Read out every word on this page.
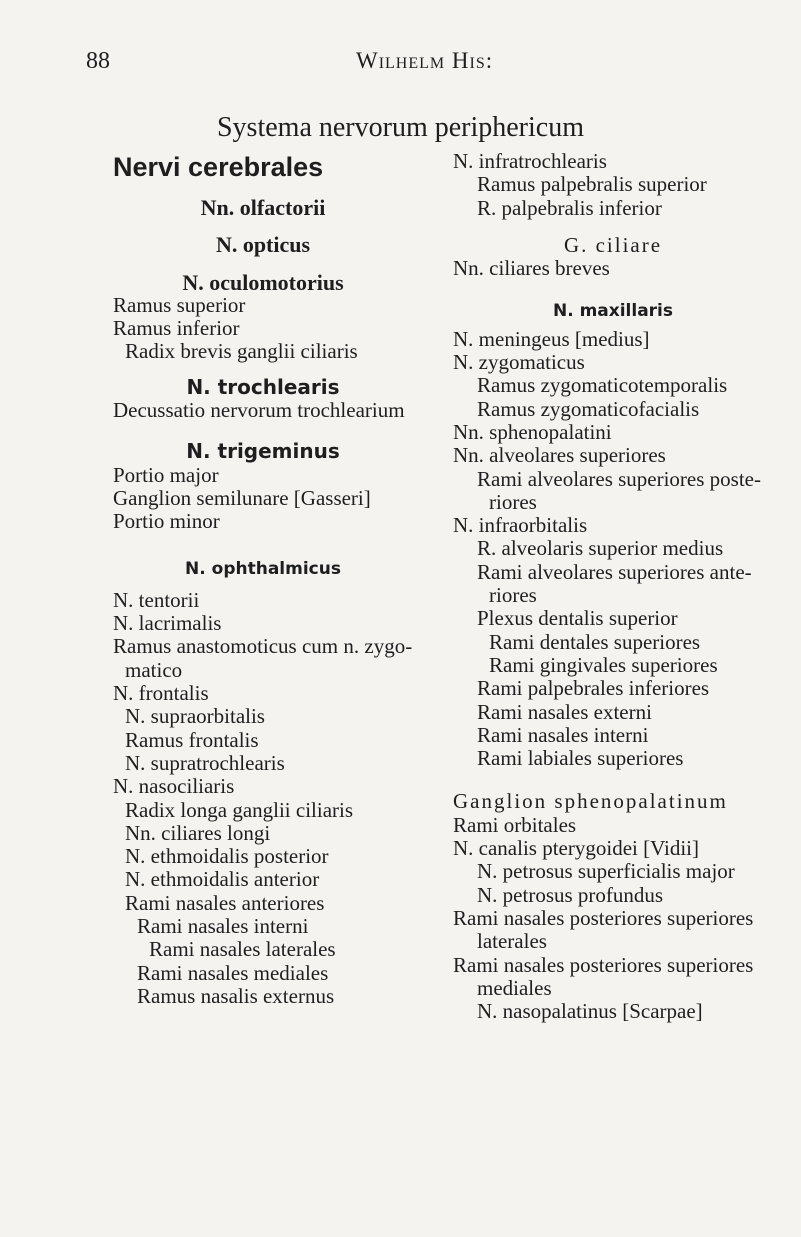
88	Wilhelm His:
Systema nervorum periphericum
Nervi cerebrales
Nn. olfactorii
N. opticus
N. oculomotorius
Ramus superior
Ramus inferior
Radix brevis ganglii ciliaris
N. trochlearis
Decussatio nervorum trochlearium
N. trigeminus
Portio major
Ganglion semilunare [Gasseri]
Portio minor
N. ophthalmicus
N. tentorii
N. lacrimalis
Ramus anastomoticus cum n. zygo-
matico
N. frontalis
N. supraorbitalis
Ramus frontalis
N. supratrochlearis
N. nasociliaris
Radix longa ganglii ciliaris
Nn. ciliares longi
N. ethmoidalis posterior
N. ethmoidalis anterior
Rami nasales anteriores
Rami nasales interni
Rami nasales laterales
Rami nasales mediales
Ramus nasalis externus
N. infratrochlearis
Ramus palpebralis superior
R. palpebralis inferior
G. ciliare
Nn. ciliares breves
N. maxillaris
N. meningeus [medius]
N. zygomaticus
Ramus zygomaticotemporalis
Ramus zygomaticofacialis
Nn. sphenopalatini
Nn. alveolares superiores
Rami alveolares superiores poste-
riores
N. infraorbitalis
R. alveolaris superior medius
Rami alveolares superiores ante-
riores
Plexus dentalis superior
Rami dentales superiores
Rami gingivales superiores
Rami palpebrales inferiores
Rami nasales externi
Rami nasales interni
Rami labiales superiores
Ganglion sphenopalatinum
Rami orbitales
N. canalis pterygoidei [Vidii]
N. petrosus superficialis major
N. petrosus profundus
Rami nasales posteriores superiores
laterales
Rami nasales posteriores superiores
mediales
N. nasopalatinus [Scarpae]
